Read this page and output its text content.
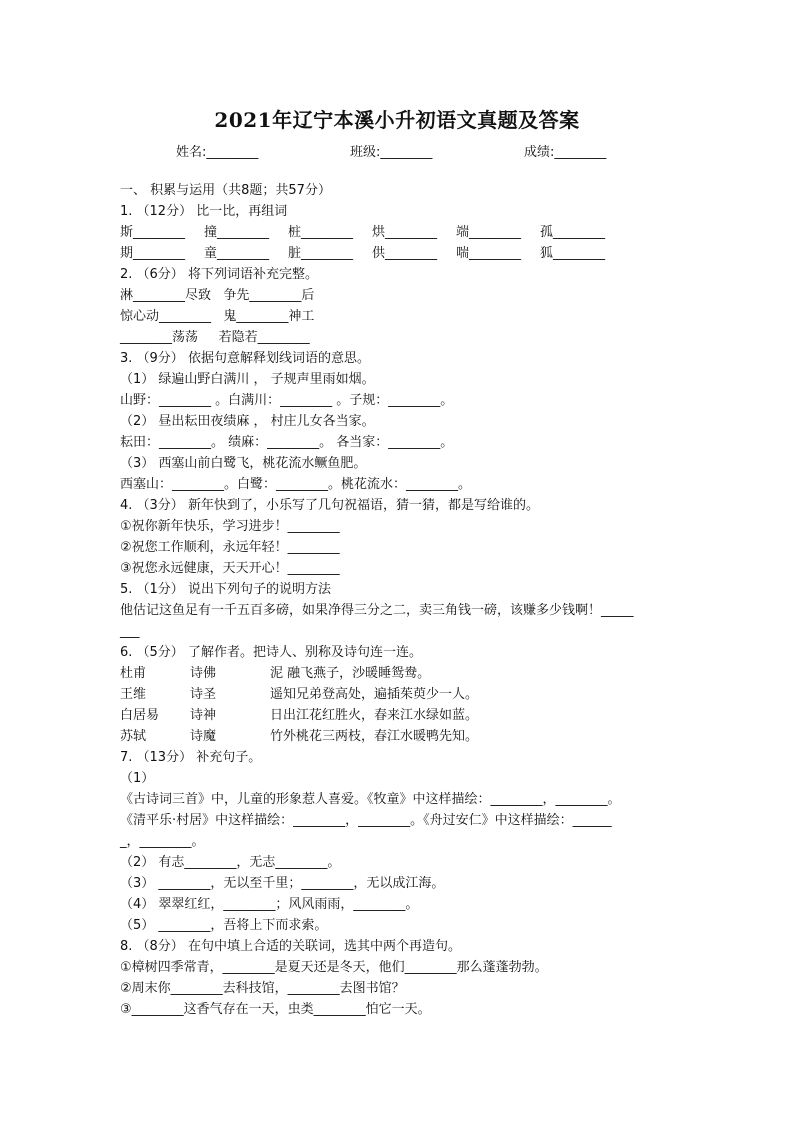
2021年辽宁本溪小升初语文真题及答案
姓名:________	班级:________	成绩:________
一、 积累与运用（共8题；共57分）
1. （12分） 比一比，再组词
斯________ 撞________ 桩________ 烘________ 端________ 孤________
期________ 童________ 脏________ 供________ 喘________ 狐________
2. （6分） 将下列词语补充完整。
淋________尽致   争先________后
惊心动________   鬼________神工
________荡荡     若隐若________
3. （9分） 依据句意解释划线词语的意思。
（1） 绿遍山野白满川 ， 子规声里雨如烟。
山野：________ 。白满川：________ 。子规：________。
（2） 昼出耘田夜绩麻 ， 村庄儿女各当家。
耘田：________。 绩麻：________。 各当家：________。
（3） 西塞山前白鹭飞，桃花流水鳜鱼肥。
西塞山：________。白鹭：________。桃花流水：________。
4. （3分） 新年快到了，小乐写了几句祝福语，猜一猜，都是写给谁的。
①祝你新年快乐，学习进步！________
②祝您工作顺利，永远年轻！________
③祝您永远健康，天天开心！________
5. （1分） 说出下列句子的说明方法
他估记这鱼足有一千五百多磅，如果净得三分之二，卖三角钱一磅，该赚多少钱啊！_____
___
6. （5分） 了解作者。把诗人、别称及诗句连一连。
杜甫	诗佛	泥 融飞燕子，沙暖睡鸳鸯。
王维	诗圣	遥知兄弟登高处，遍插茱萸少一人。
白居易 诗神	日出江花红胜火，春来江水绿如蓝。
苏轼	诗魔	竹外桃花三两枝，春江水暖鸭先知。
7. （13分） 补充句子。
（1）
《古诗词三首》中，儿童的形象惹人喜爱。《牧童》中这样描绘：________，________。
《清平乐·村居》中这样描绘：________，________。《舟过安仁》中这样描绘：______
_，________。
（2） 有志________，无志________。
（3） ________，无以至千里；________，无以成江海。
（4） 翠翠红红，________；风风雨雨，________。
（5） ________，吾将上下而求索。
8. （8分） 在句中填上合适的关联词，选其中两个再造句。
①樟树四季常青，________是夏天还是冬天，他们________那么蓬蓬勃勃。
②周末你________去科技馆，________去图书馆？
③________这香气存在一天，虫类________怕它一天。
